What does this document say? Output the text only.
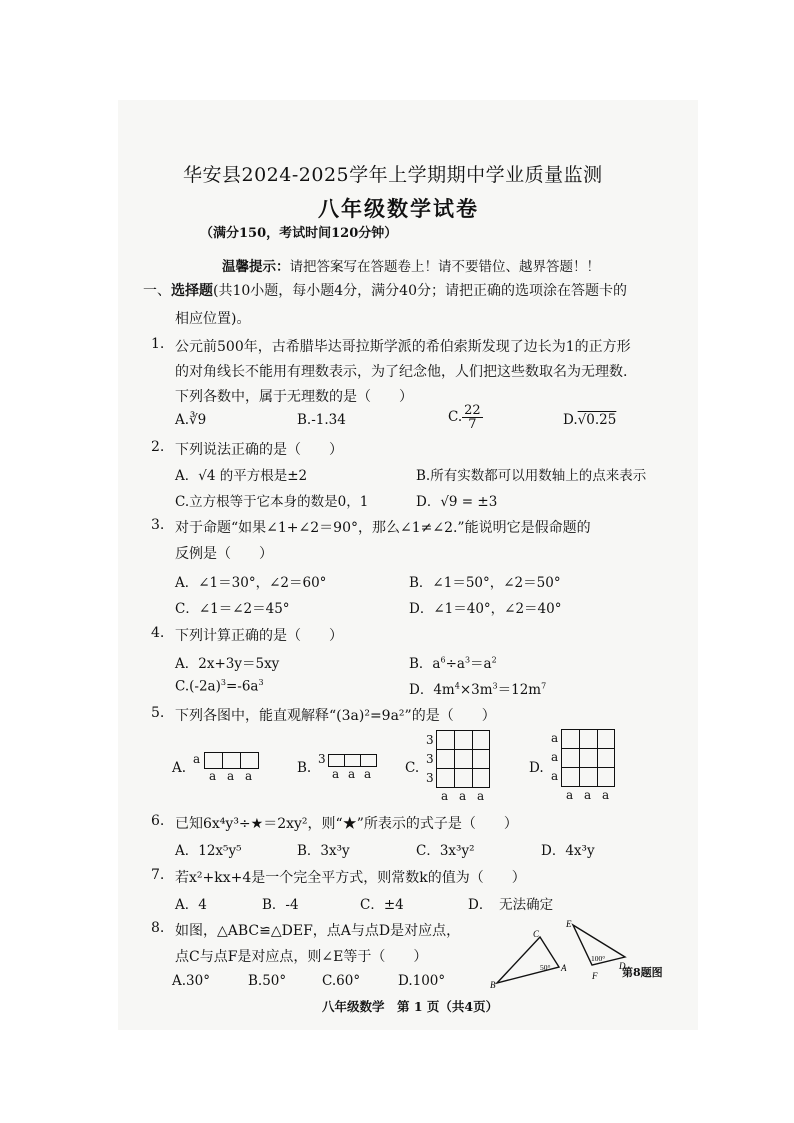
华安县2024-2025学年上学期期中学业质量监测
八年级数学试卷
（满分150，考试时间120分钟）
温馨提示：请把答案写在答题卷上！请不要错位、越界答题！！
一、选择题(共10小题，每小题4分，满分40分；请把正确的选项涂在答题卡的
相应位置)。
1. 公元前500年，古希腊毕达哥拉斯学派的希伯索斯发现了边长为1的正方形
的对角线长不能用有理数表示，为了纪念他，人们把这些数取名为无理数.
下列各数中，属于无理数的是（　　）
A.∛9	B.-1.3̇4̇	C. $\frac{22}{7}$	D.√0.25
2. 下列说法正确的是（　　）
A．√4 的平方根是±2	B.所有实数都可以用数轴上的点来表示
C.立方根等于它本身的数是0，1	D．√9 = ±3
3. 对于命题“如果∠1+∠2＝90°，那么∠1≠∠2.”能说明它是假命题的
反例是（　　）
A．∠1＝30°，∠2＝60°	B．∠1＝50°，∠2＝50°
C．∠1＝∠2＝45°	D．∠1＝40°，∠2＝40°
4. 下列计算正确的是（　　）
A．2x+3y＝5xy	B．$a^6\div a^3=a^2$
$C.(-2a)^3=-6a^3$	D．$4m^4\times 3m^3=12m^7$
5. 下列各图中，能直观解释“(3a)²=9a²”的是（　　）
A.
a
a a a	B.
3
a a a	C.
3
3
3
a a a
D.
a
a
a
a a a
6. 已知6x⁴y³÷★＝2xy²，则“★”所表示的式子是（　　）
A．12x⁵y⁵	B．3x³y	C．3x³y²	D．4x³y
7. 若x²+kx+4是一个完全平方式，则常数k的值为（　　）
A．4	B．-4	C．±4	D．　无法确定
8. 如图，△ABC≌△DEF，点A与点D是对应点，
点C与点F是对应点，则∠E等于（　　）
A.30°	B.50°	C.60°	D.100°
C
A
B
50°
E
D
F
100°
第8题图
八年级数学　第 1 页（共4页）
